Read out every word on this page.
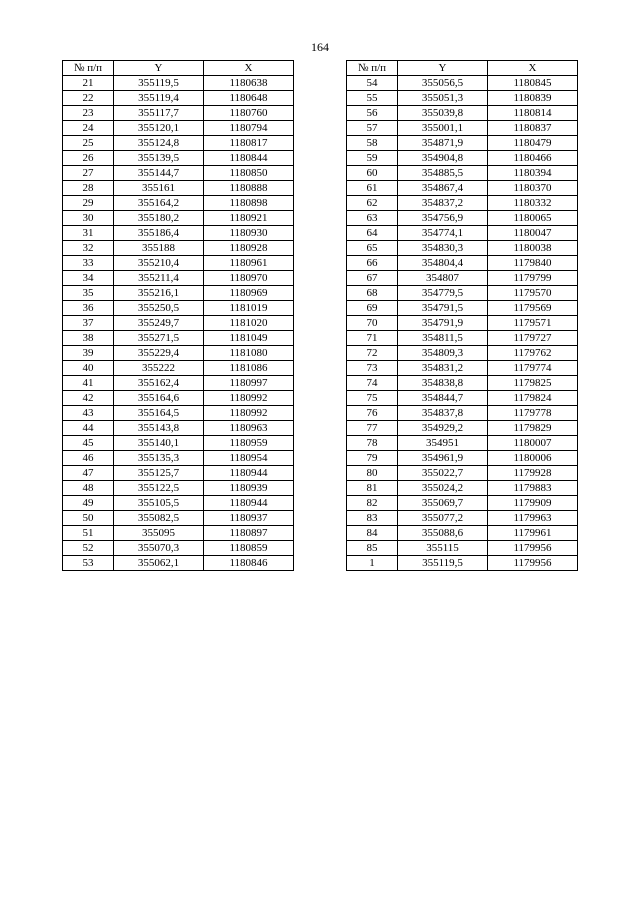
164
№ п/п	Y	X
21	355119,5	1180638
22	355119,4	1180648
23	355117,7	1180760
24	355120,1	1180794
25	355124,8	1180817
26	355139,5	1180844
27	355144,7	1180850
28	355161	1180888
29	355164,2	1180898
30	355180,2	1180921
31	355186,4	1180930
32	355188	1180928
33	355210,4	1180961
34	355211,4	1180970
35	355216,1	1180969
36	355250,5	1181019
37	355249,7	1181020
38	355271,5	1181049
39	355229,4	1181080
40	355222	1181086
41	355162,4	1180997
42	355164,6	1180992
43	355164,5	1180992
44	355143,8	1180963
45	355140,1	1180959
46	355135,3	1180954
47	355125,7	1180944
48	355122,5	1180939
49	355105,5	1180944
50	355082,5	1180937
51	355095	1180897
52	355070,3	1180859
53	355062,1	1180846
№ п/п	Y	X
54	355056,5	1180845
55	355051,3	1180839
56	355039,8	1180814
57	355001,1	1180837
58	354871,9	1180479
59	354904,8	1180466
60	354885,5	1180394
61	354867,4	1180370
62	354837,2	1180332
63	354756,9	1180065
64	354774,1	1180047
65	354830,3	1180038
66	354804,4	1179840
67	354807	1179799
68	354779,5	1179570
69	354791,5	1179569
70	354791,9	1179571
71	354811,5	1179727
72	354809,3	1179762
73	354831,2	1179774
74	354838,8	1179825
75	354844,7	1179824
76	354837,8	1179778
77	354929,2	1179829
78	354951	1180007
79	354961,9	1180006
80	355022,7	1179928
81	355024,2	1179883
82	355069,7	1179909
83	355077,2	1179963
84	355088,6	1179961
85	355115	1179956
1	355119,5	1179956
